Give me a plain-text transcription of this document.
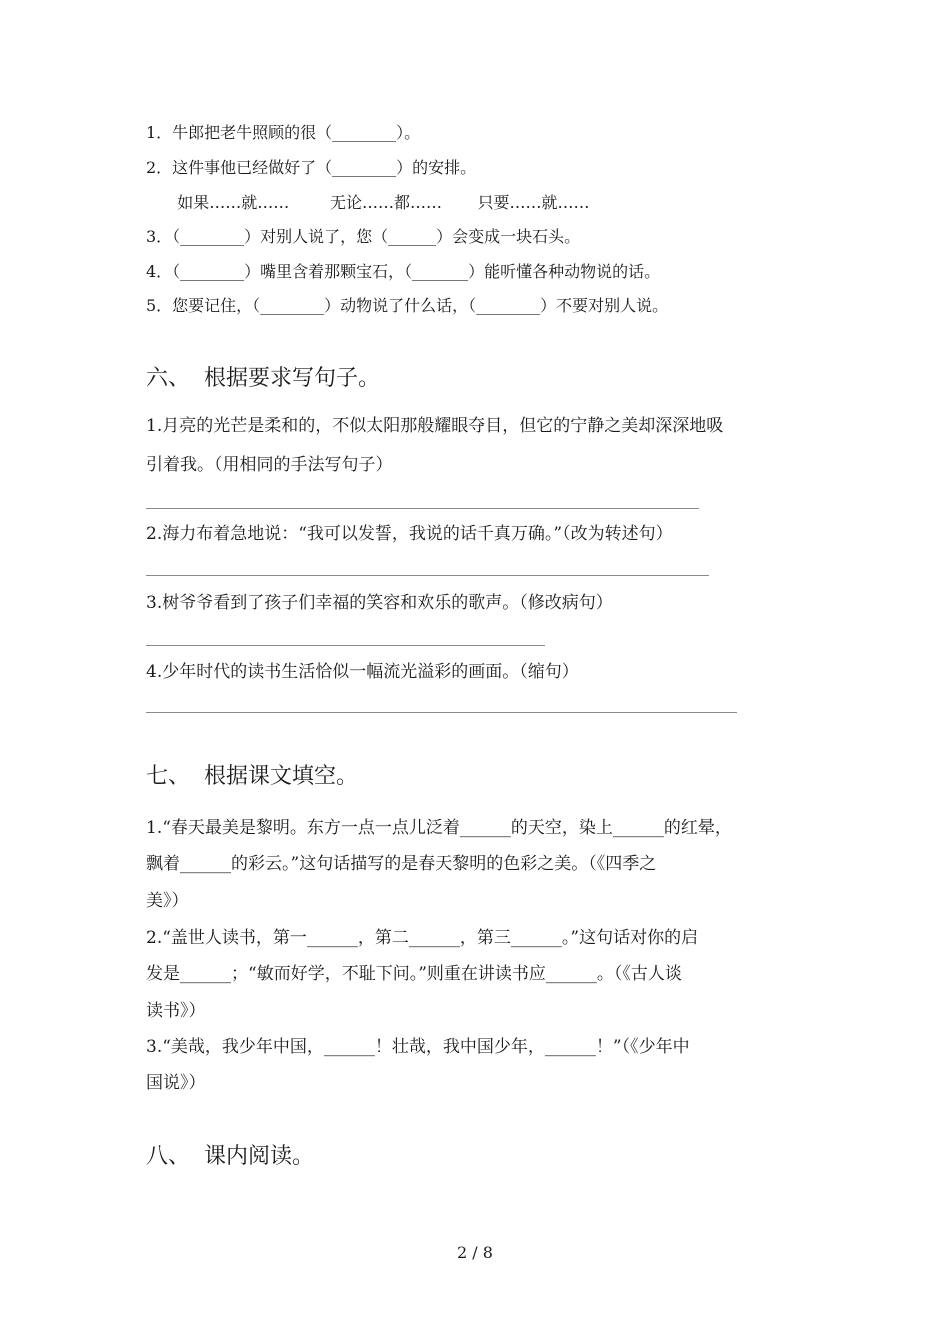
1．牛郎把老牛照顾的很（________）。
2．这件事他已经做好了（________）的安排。
如果……就……        无论……都……       只要……就……
3．（________）对别人说了，您（______）会变成一块石头。
4．（________）嘴里含着那颗宝石，（_______）能听懂各种动物说的话。
5．您要记住，（________）动物说了什么话，（________）不要对别人说。
六、  根据要求写句子。
1.月亮的光芒是柔和的，不似太阳那般耀眼夺目，但它的宁静之美却深深地吸
引着我。（用相同的手法写句子）
2.海力布着急地说：“我可以发誓，我说的话千真万确。”（改为转述句）
3.树爷爷看到了孩子们幸福的笑容和欢乐的歌声。（修改病句）
4.少年时代的读书生活恰似一幅流光溢彩的画面。（缩句）
七、  根据课文填空。
1.“春天最美是黎明。东方一点一点儿泛着______的天空，染上______的红晕，
飘着______的彩云。”这句话描写的是春天黎明的色彩之美。（《四季之
美》）
2.“盖世人读书，第一______，第二______，第三______。”这句话对你的启
发是______；“敏而好学，不耻下问。”则重在讲读书应______。（《古人谈
读书》）
3.“美哉，我少年中国，______！壮哉，我中国少年，______！”（《少年中
国说》）
八、  课内阅读。
2 / 8
